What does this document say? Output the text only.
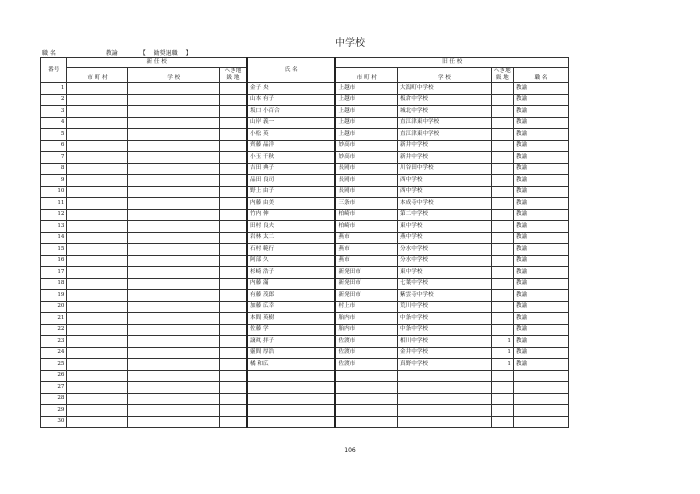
中学校
職 名	教諭	【 勧奨退職 】
番号	新 任 校			氏 名	旧 任 校			
	市 町 村	学 校	へき地
級 地		市 町 村	学 校	へき地
級 地	職 名
1				金子 央	上越市	大潟町中学校		教諭
2				山本 有子	上越市	板倉中学校		教諭
3				坂口 小百合	上越市	城北中学校		教諭
4				山岸 義一	上越市	直江津東中学校		教諭
5				小松 英	上越市	直江津東中学校		教諭
6				齊藤 晶洋	妙高市	新井中学校		教諭
7				小玉 千秋	妙高市	新井中学校		教諭
8				吉田 典子	長岡市	川谷田中学校		教諭
9				品田 良司	長岡市	西中学校		教諭
10				野上 由子	長岡市	西中学校		教諭
11				内藤 由美	三条市	本成寺中学校		教諭
12				竹内 伸	柏崎市	第二中学校		教諭
13				田村 良夫	柏崎市	東中学校		教諭
14				岩林 太二	燕市	燕中学校		教諭
15				石村 範行	燕市	分水中学校		教諭
16				阿部 久	燕市	分水中学校		教諭
17				杉崎 浩子	新発田市	東中学校		教諭
18				内藤 滿	新発田市	七葉中学校		教諭
19				有藤 茂郎	新発田市	紫雲寺中学校		教諭
20				加藤 広幸	村上市	荒川中学校		教諭
21				本間 英樹	胎内市	中条中学校		教諭
22				佐藤 学	胎内市	中条中学校		教諭
23				譲眞 拝子	佐渡市	相川中学校	1	教諭
24				靈間 厚浩	佐渡市	金井中学校	1	教諭
25				橘 和広	佐渡市	真野中学校	1	教諭
26								
27								
28								
29								
30								
106
